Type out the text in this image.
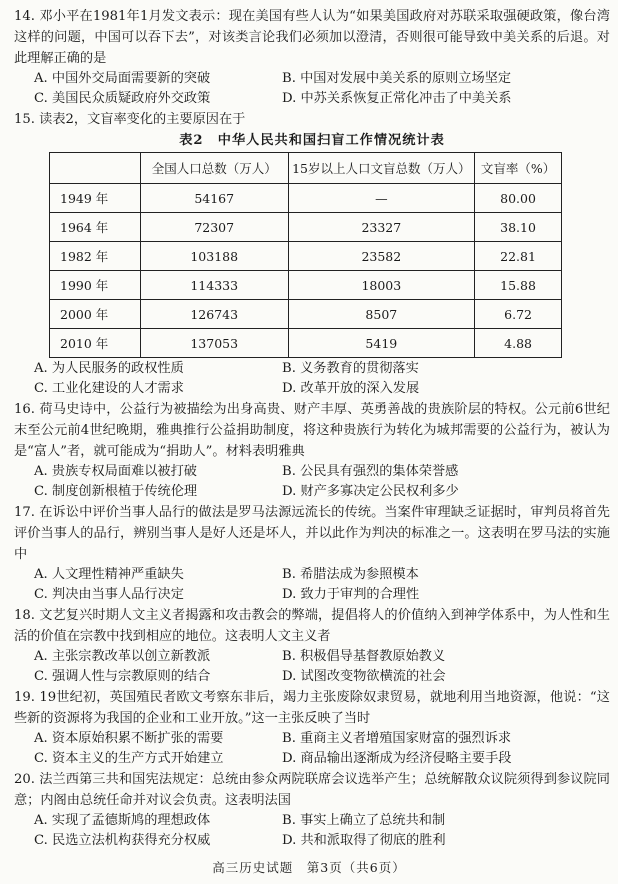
14. 邓小平在1981年1月发文表示：现在美国有些人认为“如果美国政府对苏联采取强硬政策，像台湾这样的问题，中国可以吞下去”，对该类言论我们必须加以澄清，否则很可能导致中美关系的后退。对此理解正确的是

A. 中国外交局面需要新的突破	B. 中国对发展中美关系的原则立场坚定
C. 美国民众质疑政府外交政策	D. 中苏关系恢复正常化冲击了中美关系

15. 读表2，文盲率变化的主要原因在于

表2　中华人民共和国扫盲工作情况统计表

	全国人口总数（万人）	15岁以上人口文盲总数（万人）	文盲率（%）
1949 年	54167	—	80.00
1964 年	72307	23327	38.10
1982 年	103188	23582	22.81
1990 年	114333	18003	15.88
2000 年	126743	8507	6.72
2010 年	137053	5419	4.88
A. 为人民服务的政权性质	B. 义务教育的贯彻落实
C. 工业化建设的人才需求	D. 改革开放的深入发展

16. 荷马史诗中，公益行为被描绘为出身高贵、财产丰厚、英勇善战的贵族阶层的特权。公元前6世纪末至公元前4世纪晚期，雅典推行公益捐助制度，将这种贵族行为转化为城邦需要的公益行为，被认为是“富人”者，就可能成为“捐助人”。材料表明雅典

A. 贵族专权局面难以被打破	B. 公民具有强烈的集体荣誉感
C. 制度创新根植于传统伦理	D. 财产多寡决定公民权利多少

17. 在诉讼中评价当事人品行的做法是罗马法源远流长的传统。当案件审理缺乏证据时，审判员将首先评价当事人的品行，辨别当事人是好人还是坏人，并以此作为判决的标准之一。这表明在罗马法的实施中

A. 人文理性精神严重缺失	B. 希腊法成为参照模本
C. 判决由当事人品行决定	D. 致力于审判的合理性

18. 文艺复兴时期人文主义者揭露和攻击教会的弊端，提倡将人的价值纳入到神学体系中，为人性和生活的价值在宗教中找到相应的地位。这表明人文主义者

A. 主张宗教改革以创立新教派	B. 积极倡导基督教原始教义
C. 强调人性与宗教原则的结合	D. 试图改变物欲横流的社会

19. 19世纪初，英国殖民者欧文考察东非后，竭力主张废除奴隶贸易，就地利用当地资源，他说：“这些新的资源将为我国的企业和工业开放。”这一主张反映了当时

A. 资本原始积累不断扩张的需要	B. 重商主义者增殖国家财富的强烈诉求
C. 资本主义的生产方式开始建立	D. 商品输出逐渐成为经济侵略主要手段

20. 法兰西第三共和国宪法规定：总统由参众两院联席会议选举产生；总统解散众议院须得到参议院同意；内阁由总统任命并对议会负责。这表明法国

A. 实现了孟德斯鸠的理想政体	B. 事实上确立了总统共和制
C. 民选立法机构获得充分权威	D. 共和派取得了彻底的胜利
高三历史试题　第3页（共6页）
